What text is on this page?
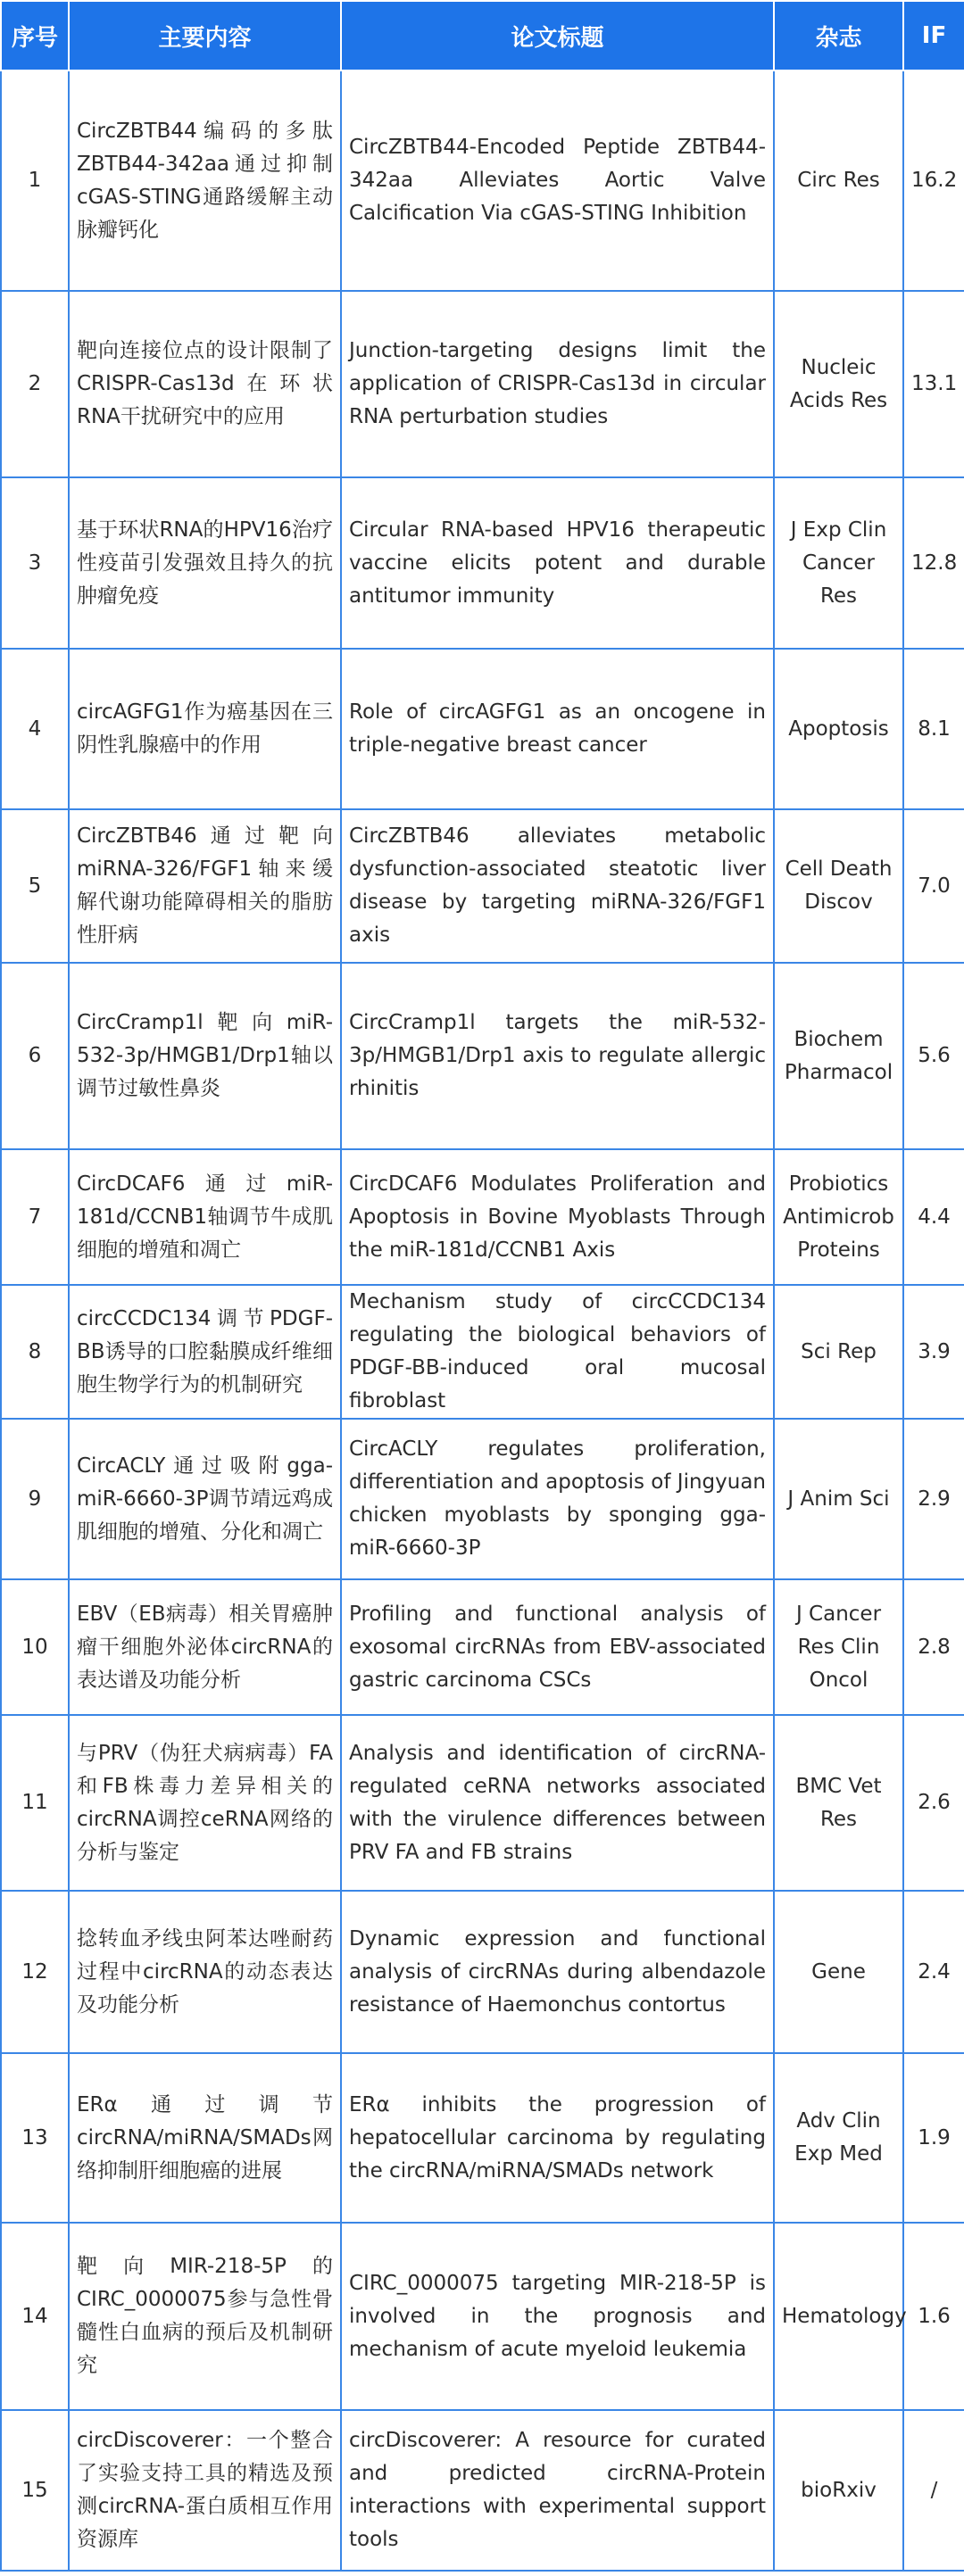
序号	主要内容	论文标题	杂志	IF
1	CircZBTB44编码的多肽ZBTB44-342aa通过抑制cGAS-STING通路缓解主动脉瓣钙化	CircZBTB44-Encoded Peptide ZBTB44-342aa Alleviates Aortic Valve Calcification Via cGAS-STING Inhibition	Circ Res	16.2
2	靶向连接位点的设计限制了CRISPR-Cas13d在环状RNA干扰研究中的应用	Junction-targeting designs limit the application of CRISPR-Cas13d in circular RNA perturbation studies	Nucleic Acids Res	13.1
3	基于环状RNA的HPV16治疗性疫苗引发强效且持久的抗肿瘤免疫	Circular RNA-based HPV16 therapeutic vaccine elicits potent and durable antitumor immunity	J Exp Clin Cancer Res	12.8
4	circAGFG1作为癌基因在三阴性乳腺癌中的作用	Role of circAGFG1 as an oncogene in triple-negative breast cancer	Apoptosis	8.1
5	CircZBTB46通过靶向miRNA-326/FGF1轴来缓解代谢功能障碍相关的脂肪性肝病	CircZBTB46 alleviates metabolic dysfunction-associated steatotic liver disease by targeting miRNA-326/FGF1 axis	Cell Death Discov	7.0
6	CircCramp1l靶向miR-532-3p/HMGB1/Drp1轴以调节过敏性鼻炎	CircCramp1l targets the miR-532-3p/HMGB1/Drp1 axis to regulate allergic rhinitis	Biochem Pharmacol	5.6
7	CircDCAF6通过miR-181d/CCNB1轴调节牛成肌细胞的增殖和凋亡	CircDCAF6 Modulates Proliferation and Apoptosis in Bovine Myoblasts Through the miR-181d/CCNB1 Axis	Probiotics Antimicrob Proteins	4.4
8	circCCDC134调节PDGF-BB诱导的口腔黏膜成纤维细胞生物学行为的机制研究	Mechanism study of circCCDC134 regulating the biological behaviors of PDGF-BB-induced oral mucosal fibroblast	Sci Rep	3.9
9	CircACLY通过吸附gga-miR-6660-3P调节靖远鸡成肌细胞的增殖、分化和凋亡	CircACLY regulates proliferation, differentiation and apoptosis of Jingyuan chicken myoblasts by sponging gga-miR-6660-3P	J Anim Sci	2.9
10	EBV（EB病毒）相关胃癌肿瘤干细胞外泌体circRNA的表达谱及功能分析	Profiling and functional analysis of exosomal circRNAs from EBV-associated gastric carcinoma CSCs	J Cancer Res Clin Oncol	2.8
11	与PRV（伪狂犬病病毒）FA和FB株毒力差异相关的circRNA调控ceRNA网络的分析与鉴定	Analysis and identification of circRNA-regulated ceRNA networks associated with the virulence differences between PRV FA and FB strains	BMC Vet Res	2.6
12	捻转血矛线虫阿苯达唑耐药过程中circRNA的动态表达及功能分析	Dynamic expression and functional analysis of circRNAs during albendazole resistance of Haemonchus contortus	Gene	2.4
13	ERα通过调节circRNA/miRNA/SMADs网络抑制肝细胞癌的进展	ERα inhibits the progression of hepatocellular carcinoma by regulating the circRNA/miRNA/SMADs network	Adv Clin Exp Med	1.9
14	靶向MIR-218-5P的CIRC_0000075参与急性骨髓性白血病的预后及机制研究	CIRC_0000075 targeting MIR-218-5P is involved in the prognosis and mechanism of acute myeloid leukemia	Hematology	1.6
15	circDiscoverer：一个整合了实验支持工具的精选及预测circRNA-蛋白质相互作用资源库	circDiscoverer: A resource for curated and predicted circRNA-Protein interactions with experimental support tools	bioRxiv	/
